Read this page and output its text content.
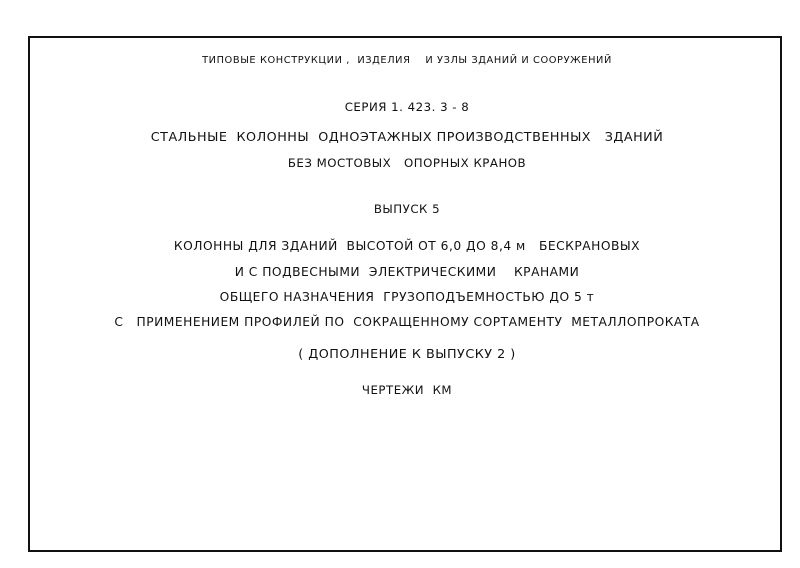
ТИПОВЫЕ КОНСТРУКЦИИ ,  ИЗДЕЛИЯ    И УЗЛЫ ЗДАНИЙ И СООРУЖЕНИЙ
СЕРИЯ 1. 423. 3 - 8
СТАЛЬНЫЕ  КОЛОННЫ  ОДНОЭТАЖНЫХ ПРОИЗВОДСТВЕННЫХ   ЗДАНИЙ
БЕЗ МОСТОВЫХ   ОПОРНЫХ КРАНОВ
ВЫПУСК 5
КОЛОННЫ ДЛЯ ЗДАНИЙ  ВЫСОТОЙ ОТ 6,0 ДО 8,4 м   БЕСКРАНОВЫХ
И С ПОДВЕСНЫМИ  ЭЛЕКТРИЧЕСКИМИ    КРАНАМИ
ОБЩЕГО НАЗНАЧЕНИЯ  ГРУЗОПОДЪЕМНОСТЬЮ ДО 5 т
С   ПРИМЕНЕНИЕМ ПРОФИЛЕЙ ПО  СОКРАЩЕННОМУ СОРТАМЕНТУ  МЕТАЛЛОПРОКАТА
( ДОПОЛНЕНИЕ К ВЫПУСКУ 2 )
ЧЕРТЕЖИ  КМ
